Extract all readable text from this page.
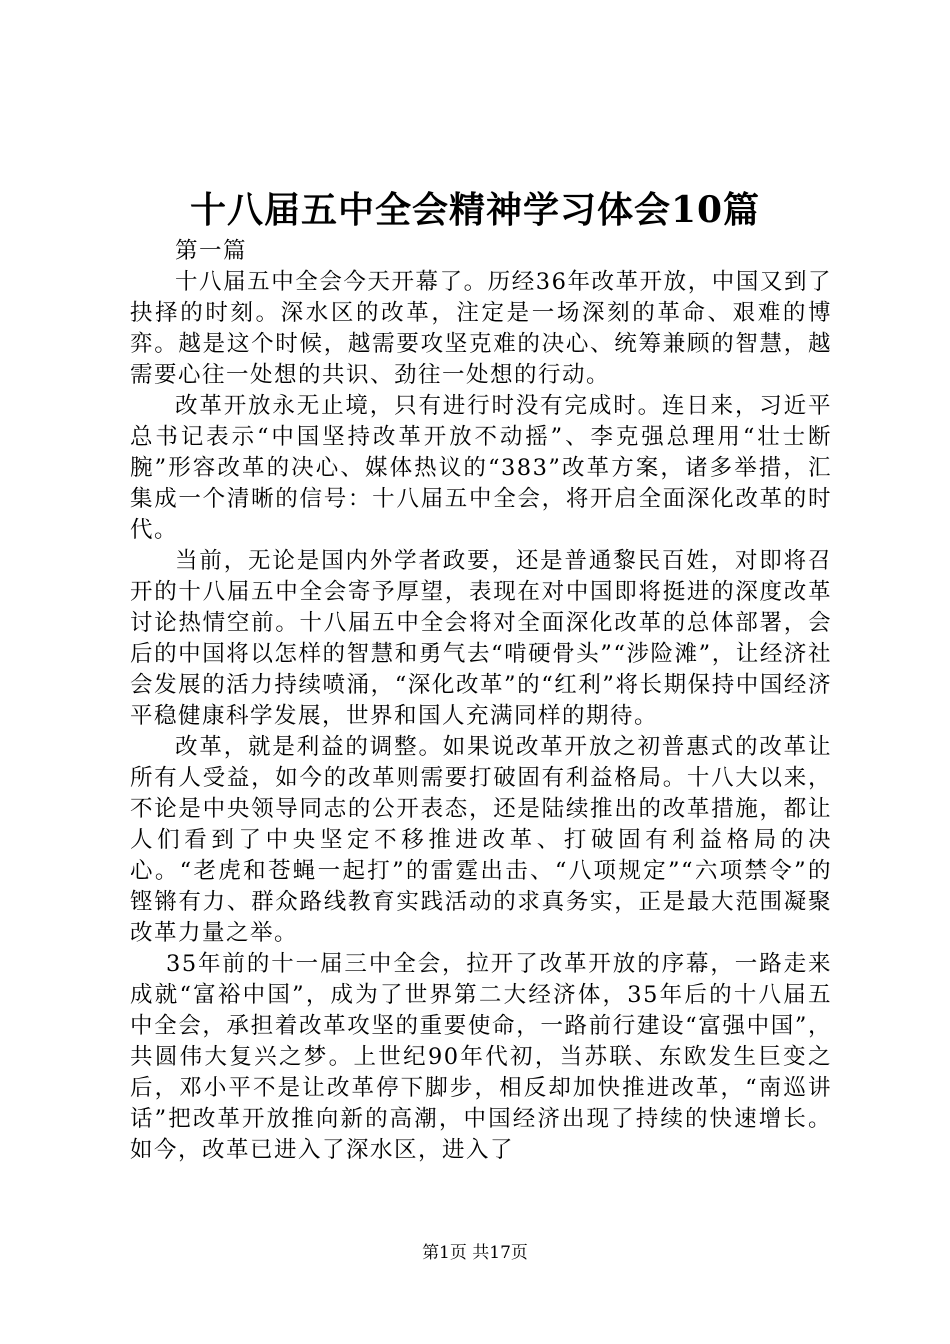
十八届五中全会精神学习体会10篇

第一篇

十八届五中全会今天开幕了。历经36年改革开放，中国又到了抉择的时刻。深水区的改革，注定是一场深刻的革命、艰难的博弈。越是这个时候，越需要攻坚克难的决心、统筹兼顾的智慧，越需要心往一处想的共识、劲往一处想的行动。

改革开放永无止境，只有进行时没有完成时。连日来，习近平总书记表示“中国坚持改革开放不动摇”、李克强总理用“壮士断腕”形容改革的决心、媒体热议的“383”改革方案，诸多举措，汇集成一个清晰的信号：十八届五中全会，将开启全面深化改革的时代。

当前，无论是国内外学者政要，还是普通黎民百姓，对即将召开的十八届五中全会寄予厚望，表现在对中国即将挺进的深度改革讨论热情空前。十八届五中全会将对全面深化改革的总体部署，会后的中国将以怎样的智慧和勇气去“啃硬骨头”“涉险滩”，让经济社会发展的活力持续喷涌，“深化改革”的“红利”将长期保持中国经济平稳健康科学发展，世界和国人充满同样的期待。

改革，就是利益的调整。如果说改革开放之初普惠式的改革让所有人受益，如今的改革则需要打破固有利益格局。十八大以来，不论是中央领导同志的公开表态，还是陆续推出的改革措施，都让人们看到了中央坚定不移推进改革、打破固有利益格局的决心。“老虎和苍蝇一起打”的雷霆出击、“八项规定”“六项禁令”的铿锵有力、群众路线教育实践活动的求真务实，正是最大范围凝聚改革力量之举。

35年前的十一届三中全会，拉开了改革开放的序幕，一路走来成就“富裕中国”，成为了世界第二大经济体，35年后的十八届五中全会，承担着改革攻坚的重要使命，一路前行建设“富强中国”，共圆伟大复兴之梦。上世纪90年代初，当苏联、东欧发生巨变之后，邓小平不是让改革停下脚步，相反却加快推进改革，“南巡讲话”把改革开放推向新的高潮，中国经济出现了持续的快速增长。如今，改革已进入了深水区，进入了

第1页 共17页
